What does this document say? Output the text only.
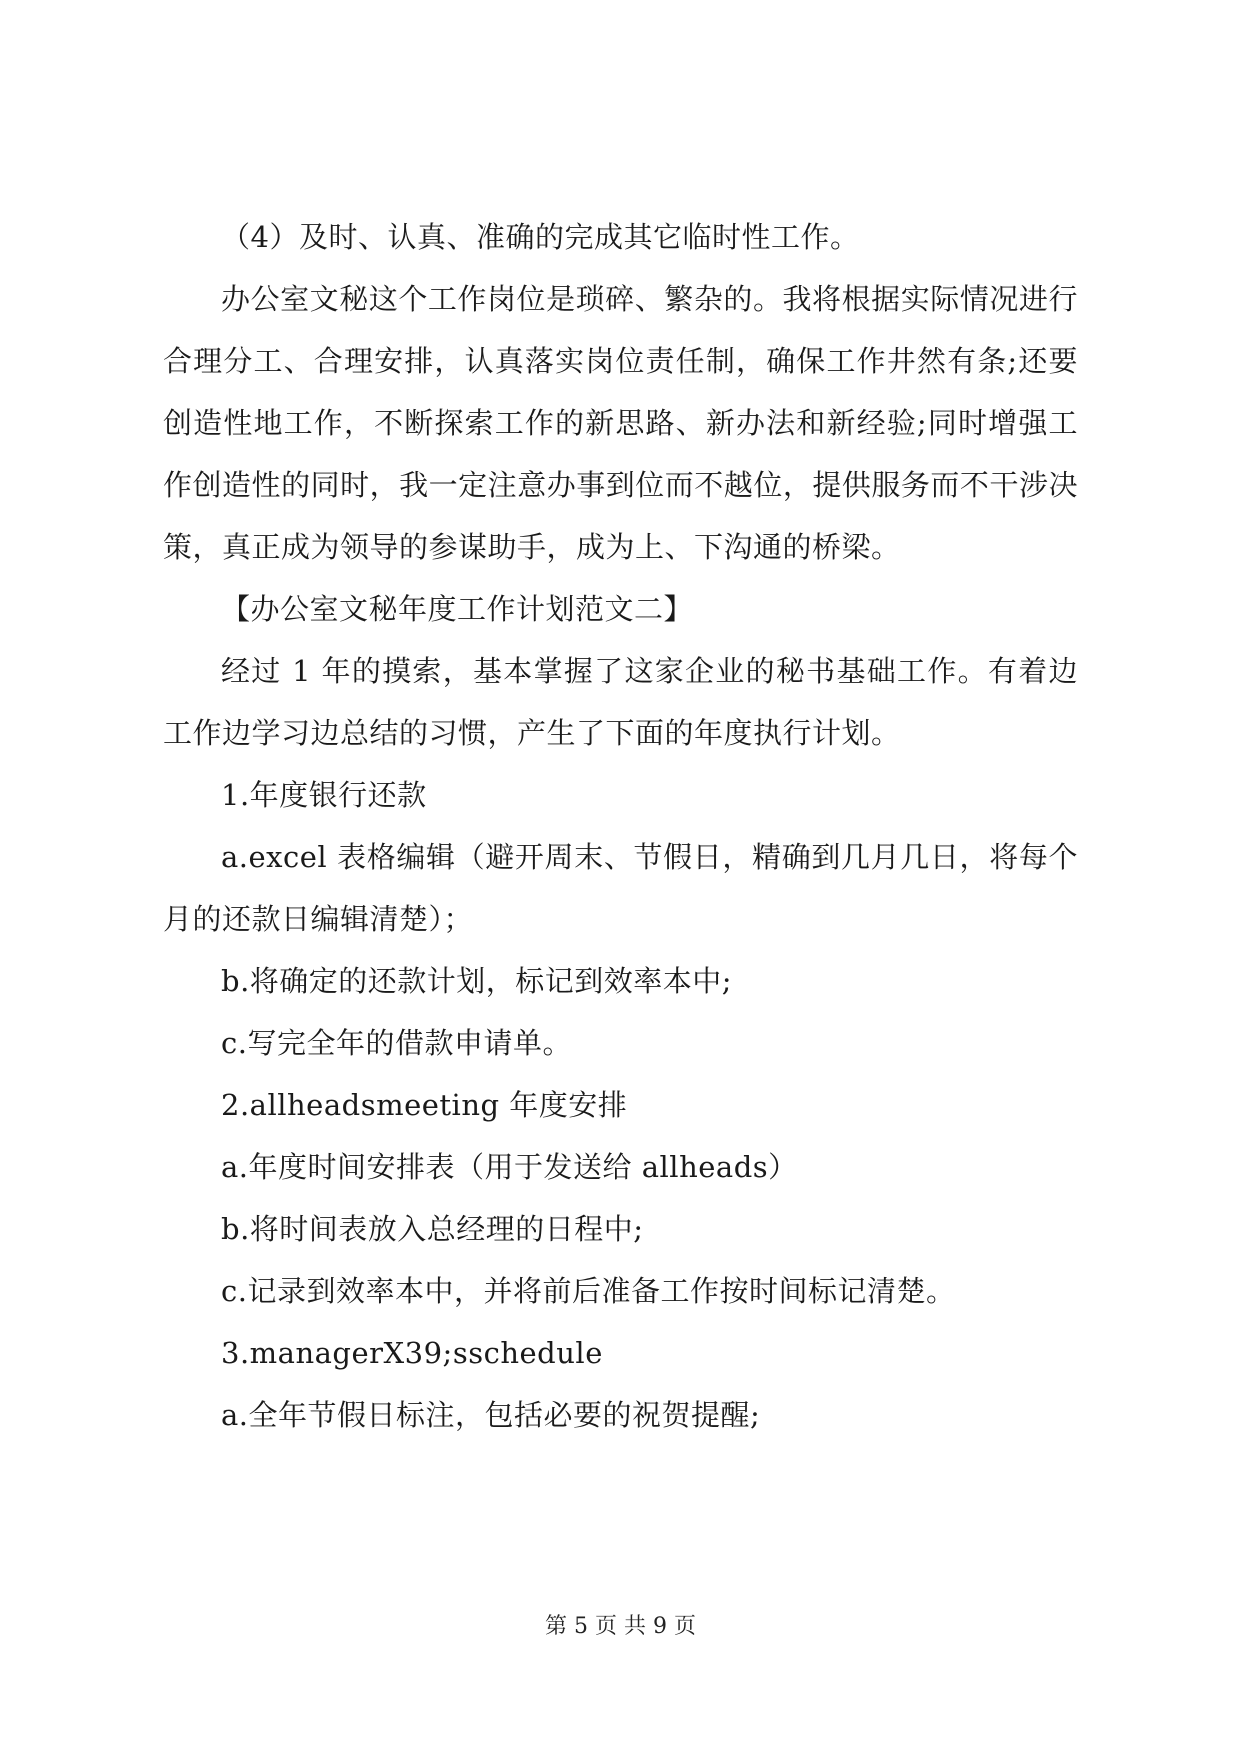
（4）及时、认真、准确的完成其它临时性工作。

办公室文秘这个工作岗位是琐碎、繁杂的。我将根据实际情况进行合理分工、合理安排，认真落实岗位责任制，确保工作井然有条;还要创造性地工作，不断探索工作的新思路、新办法和新经验;同时增强工作创造性的同时，我一定注意办事到位而不越位，提供服务而不干涉决策，真正成为领导的参谋助手，成为上、下沟通的桥梁。

【办公室文秘年度工作计划范文二】

经过 1 年的摸索，基本掌握了这家企业的秘书基础工作。有着边工作边学习边总结的习惯，产生了下面的年度执行计划。

1.年度银行还款

a.excel 表格编辑（避开周末、节假日，精确到几月几日，将每个月的还款日编辑清楚）；

b.将确定的还款计划，标记到效率本中;

c.写完全年的借款申请单。

2.allheadsmeeting 年度安排

a.年度时间安排表（用于发送给 allheads）

b.将时间表放入总经理的日程中;

c.记录到效率本中，并将前后准备工作按时间标记清楚。

3.managerX39;sschedule

a.全年节假日标注，包括必要的祝贺提醒;

第 5 页 共 9 页
